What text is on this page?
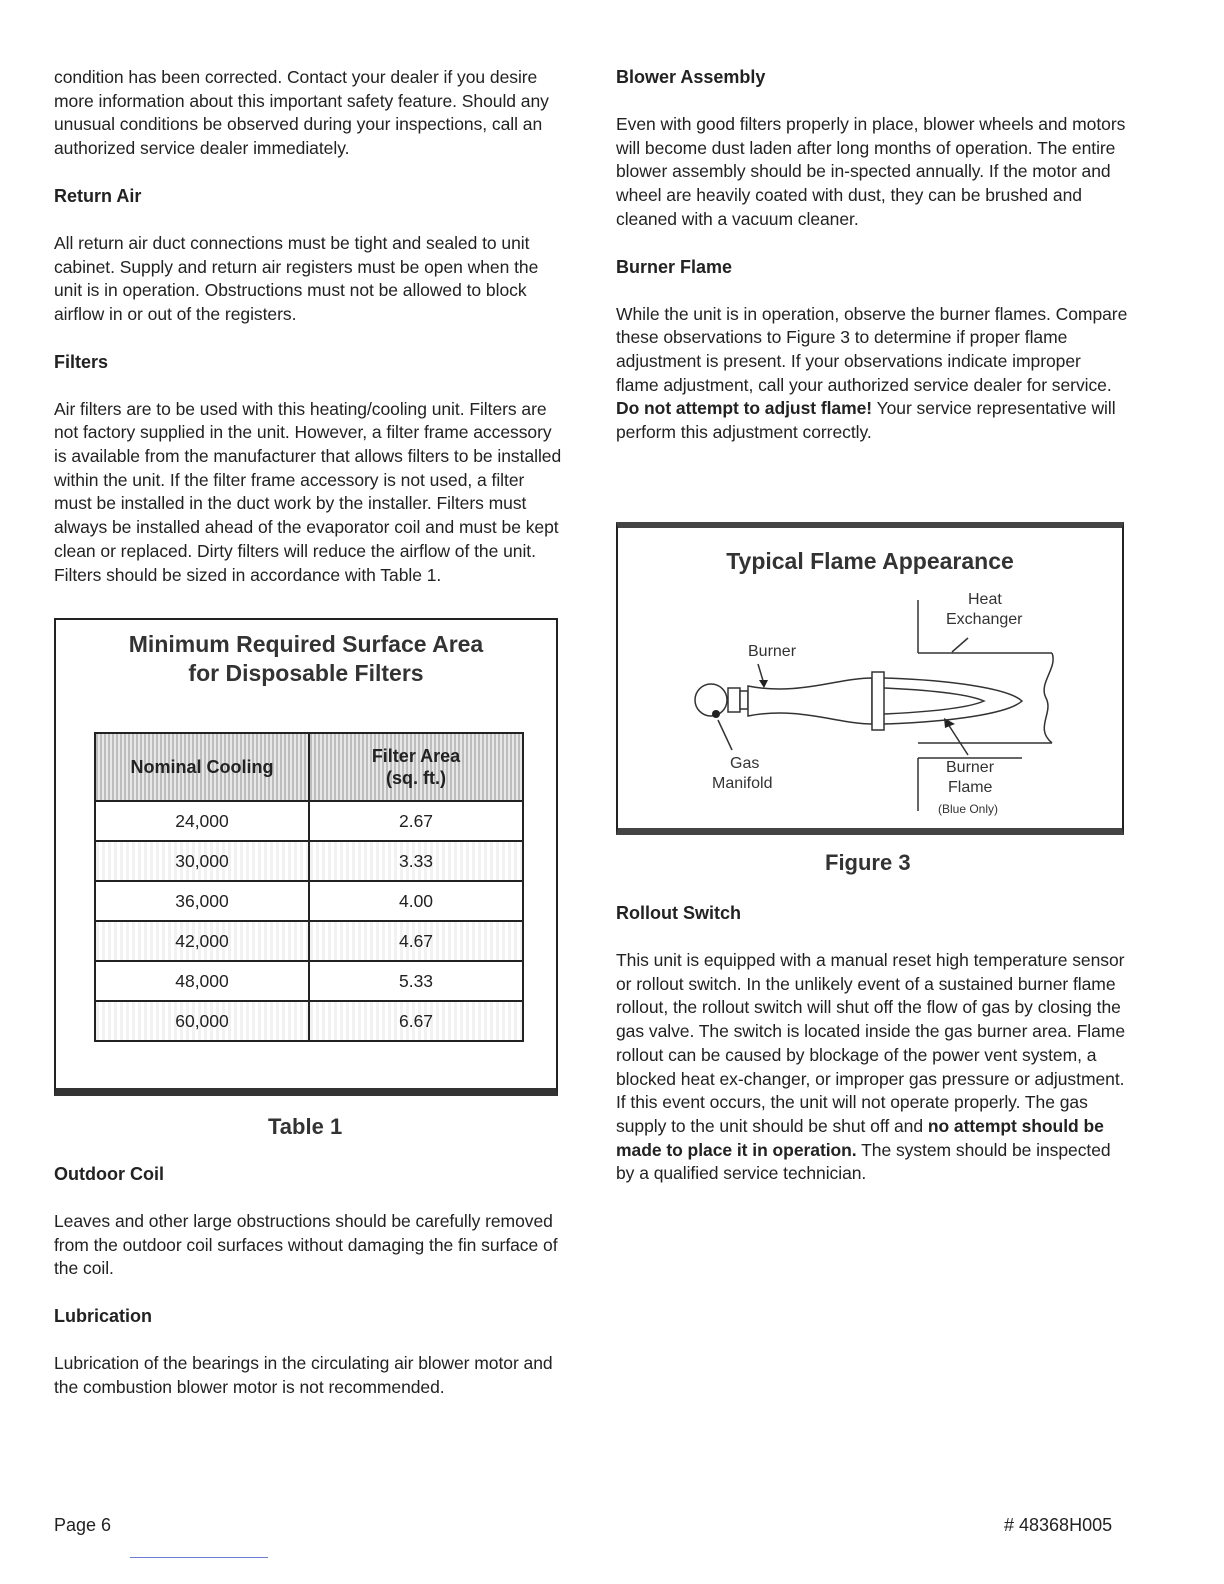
condition has been corrected. Contact your dealer if you desire more information about this important safety feature. Should any unusual conditions be observed during your inspections, call an authorized service dealer immediately.

Return Air

All return air duct connections must be tight and sealed to unit cabinet. Supply and return air registers must be open when the unit is in operation. Obstructions must not be allowed to block airflow in or out of the registers.

Filters

Air filters are to be used with this heating/cooling unit. Filters are not factory supplied in the unit. However, a filter frame accessory is available from the manufacturer that allows filters to be installed within the unit. If the filter frame accessory is not used, a filter must be installed in the duct work by the installer. Filters must always be installed ahead of the evaporator coil and must be kept clean or replaced. Dirty filters will reduce the airflow of the unit. Filters should be sized in accordance with Table 1.

Minimum Required Surface Area
for Disposable Filters
Nominal Cooling	Filter Area
(sq. ft.)
24,000	2.67
30,000	3.33
36,000	4.00
42,000	4.67
48,000	5.33
60,000	6.67
Table 1
Outdoor Coil

Leaves and other large obstructions should be carefully removed from the outdoor coil surfaces without damaging the fin surface of the coil.

Lubrication

Lubrication of the bearings in the circulating air blower motor and the combustion blower motor is not recommended.

Blower Assembly

Even with good filters properly in place, blower wheels and motors will become dust laden after long months of operation. The entire blower assembly should be in-spected annually. If the motor and wheel are heavily coated with dust, they can be brushed and cleaned with a vacuum cleaner.

Burner Flame

While the unit is in operation, observe the burner flames. Compare these observations to Figure 3 to determine if proper flame adjustment is present. If your observations indicate improper flame adjustment, call your authorized service dealer for service. Do not attempt to adjust flame! Your service representative will perform this adjustment correctly.

Typical Flame Appearance
Heat
Exchanger
Burner
Gas
Manifold
Burner
Flame
(Blue Only)
Figure 3
Rollout Switch

This unit is equipped with a manual reset high temperature sensor or rollout switch. In the unlikely event of a sustained burner flame rollout, the rollout switch will shut off the flow of gas by closing the gas valve. The switch is located inside the gas burner area. Flame rollout can be caused by blockage of the power vent system, a blocked heat ex-changer, or improper gas pressure or adjustment. If this event occurs, the unit will not operate properly. The gas supply to the unit should be shut off and no attempt should be made to place it in operation. The system should be inspected by a qualified service technician.

Page 6	# 48368H005
